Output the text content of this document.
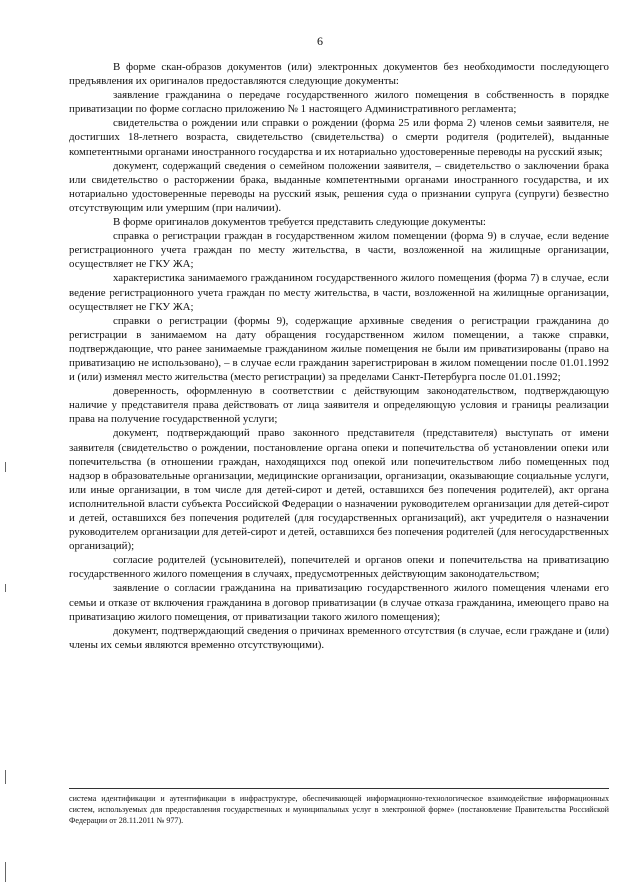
6

В форме скан-образов документов (или) электронных документов без необходимости последующего предъявления их оригиналов предоставляются следующие документы:

заявление гражданина о передаче государственного жилого помещения в собственность в порядке приватизации по форме согласно приложению № 1 настоящего Административного регламента;

свидетельства о рождении или справки о рождении (форма 25 или форма 2) членов семьи заявителя, не достигших 18-летнего возраста, свидетельство (свидетельства) о смерти родителя (родителей), выданные компетентными органами иностранного государства и их нотариально удостоверенные переводы на русский язык;

документ, содержащий сведения о семейном положении заявителя, – свидетельство о заключении брака или свидетельство о расторжении брака, выданные компетентными органами иностранного государства, и их нотариально удостоверенные переводы на русский язык, решения суда о признании супруга (супруги) безвестно отсутствующим или умершим (при наличии).

В форме оригиналов документов требуется представить следующие документы:

справка о регистрации граждан в государственном жилом помещении (форма 9) в случае, если ведение регистрационного учета граждан по месту жительства, в части, возложенной на жилищные организации, осуществляет не ГКУ ЖА;

характеристика занимаемого гражданином государственного жилого помещения (форма 7) в случае, если ведение регистрационного учета граждан по месту жительства, в части, возложенной на жилищные организации, осуществляет не ГКУ ЖА;

справки о регистрации (формы 9), содержащие архивные сведения о регистрации гражданина до регистрации в занимаемом на дату обращения государственном жилом помещении, а также справки, подтверждающие, что ранее занимаемые гражданином жилые помещения не были им приватизированы (право на приватизацию не использовано), – в случае если гражданин зарегистрирован в жилом помещении после 01.01.1992 и (или) изменял место жительства (место регистрации) за пределами Санкт-Петербурга после 01.01.1992;

доверенность, оформленную в соответствии с действующим законодательством, подтверждающую наличие у представителя права действовать от лица заявителя и определяющую условия и границы реализации права на получение государственной услуги;

документ, подтверждающий право законного представителя (представителя) выступать от имени заявителя (свидетельство о рождении, постановление органа опеки и попечительства об установлении опеки или попечительства (в отношении граждан, находящихся под опекой или попечительством либо помещенных под надзор в образовательные организации, медицинские организации, организации, оказывающие социальные услуги, или иные организации, в том числе для детей-сирот и детей, оставшихся без попечения родителей), акт органа исполнительной власти субъекта Российской Федерации о назначении руководителем организации для детей-сирот и детей, оставшихся без попечения родителей (для государственных организаций), акт учредителя о назначении руководителем организации для детей-сирот и детей, оставшихся без попечения родителей (для негосударственных организаций);

согласие родителей (усыновителей), попечителей и органов опеки и попечительства на приватизацию государственного жилого помещения в случаях, предусмотренных действующим законодательством;

заявление о согласии гражданина на приватизацию государственного жилого помещения членами его семьи и отказе от включения гражданина в договор приватизации (в случае отказа гражданина, имеющего право на приватизацию жилого помещения, от приватизации такого жилого помещения);

документ, подтверждающий сведения о причинах временного отсутствия (в случае, если граждане и (или) члены их семьи являются временно отсутствующими).

система идентификации и аутентификации в инфраструктуре, обеспечивающей информационно-технологическое взаимодействие информационных систем, используемых для предоставления государственных и муниципальных услуг в электронной форме» (постановление Правительства Российской Федерации от 28.11.2011 № 977).
